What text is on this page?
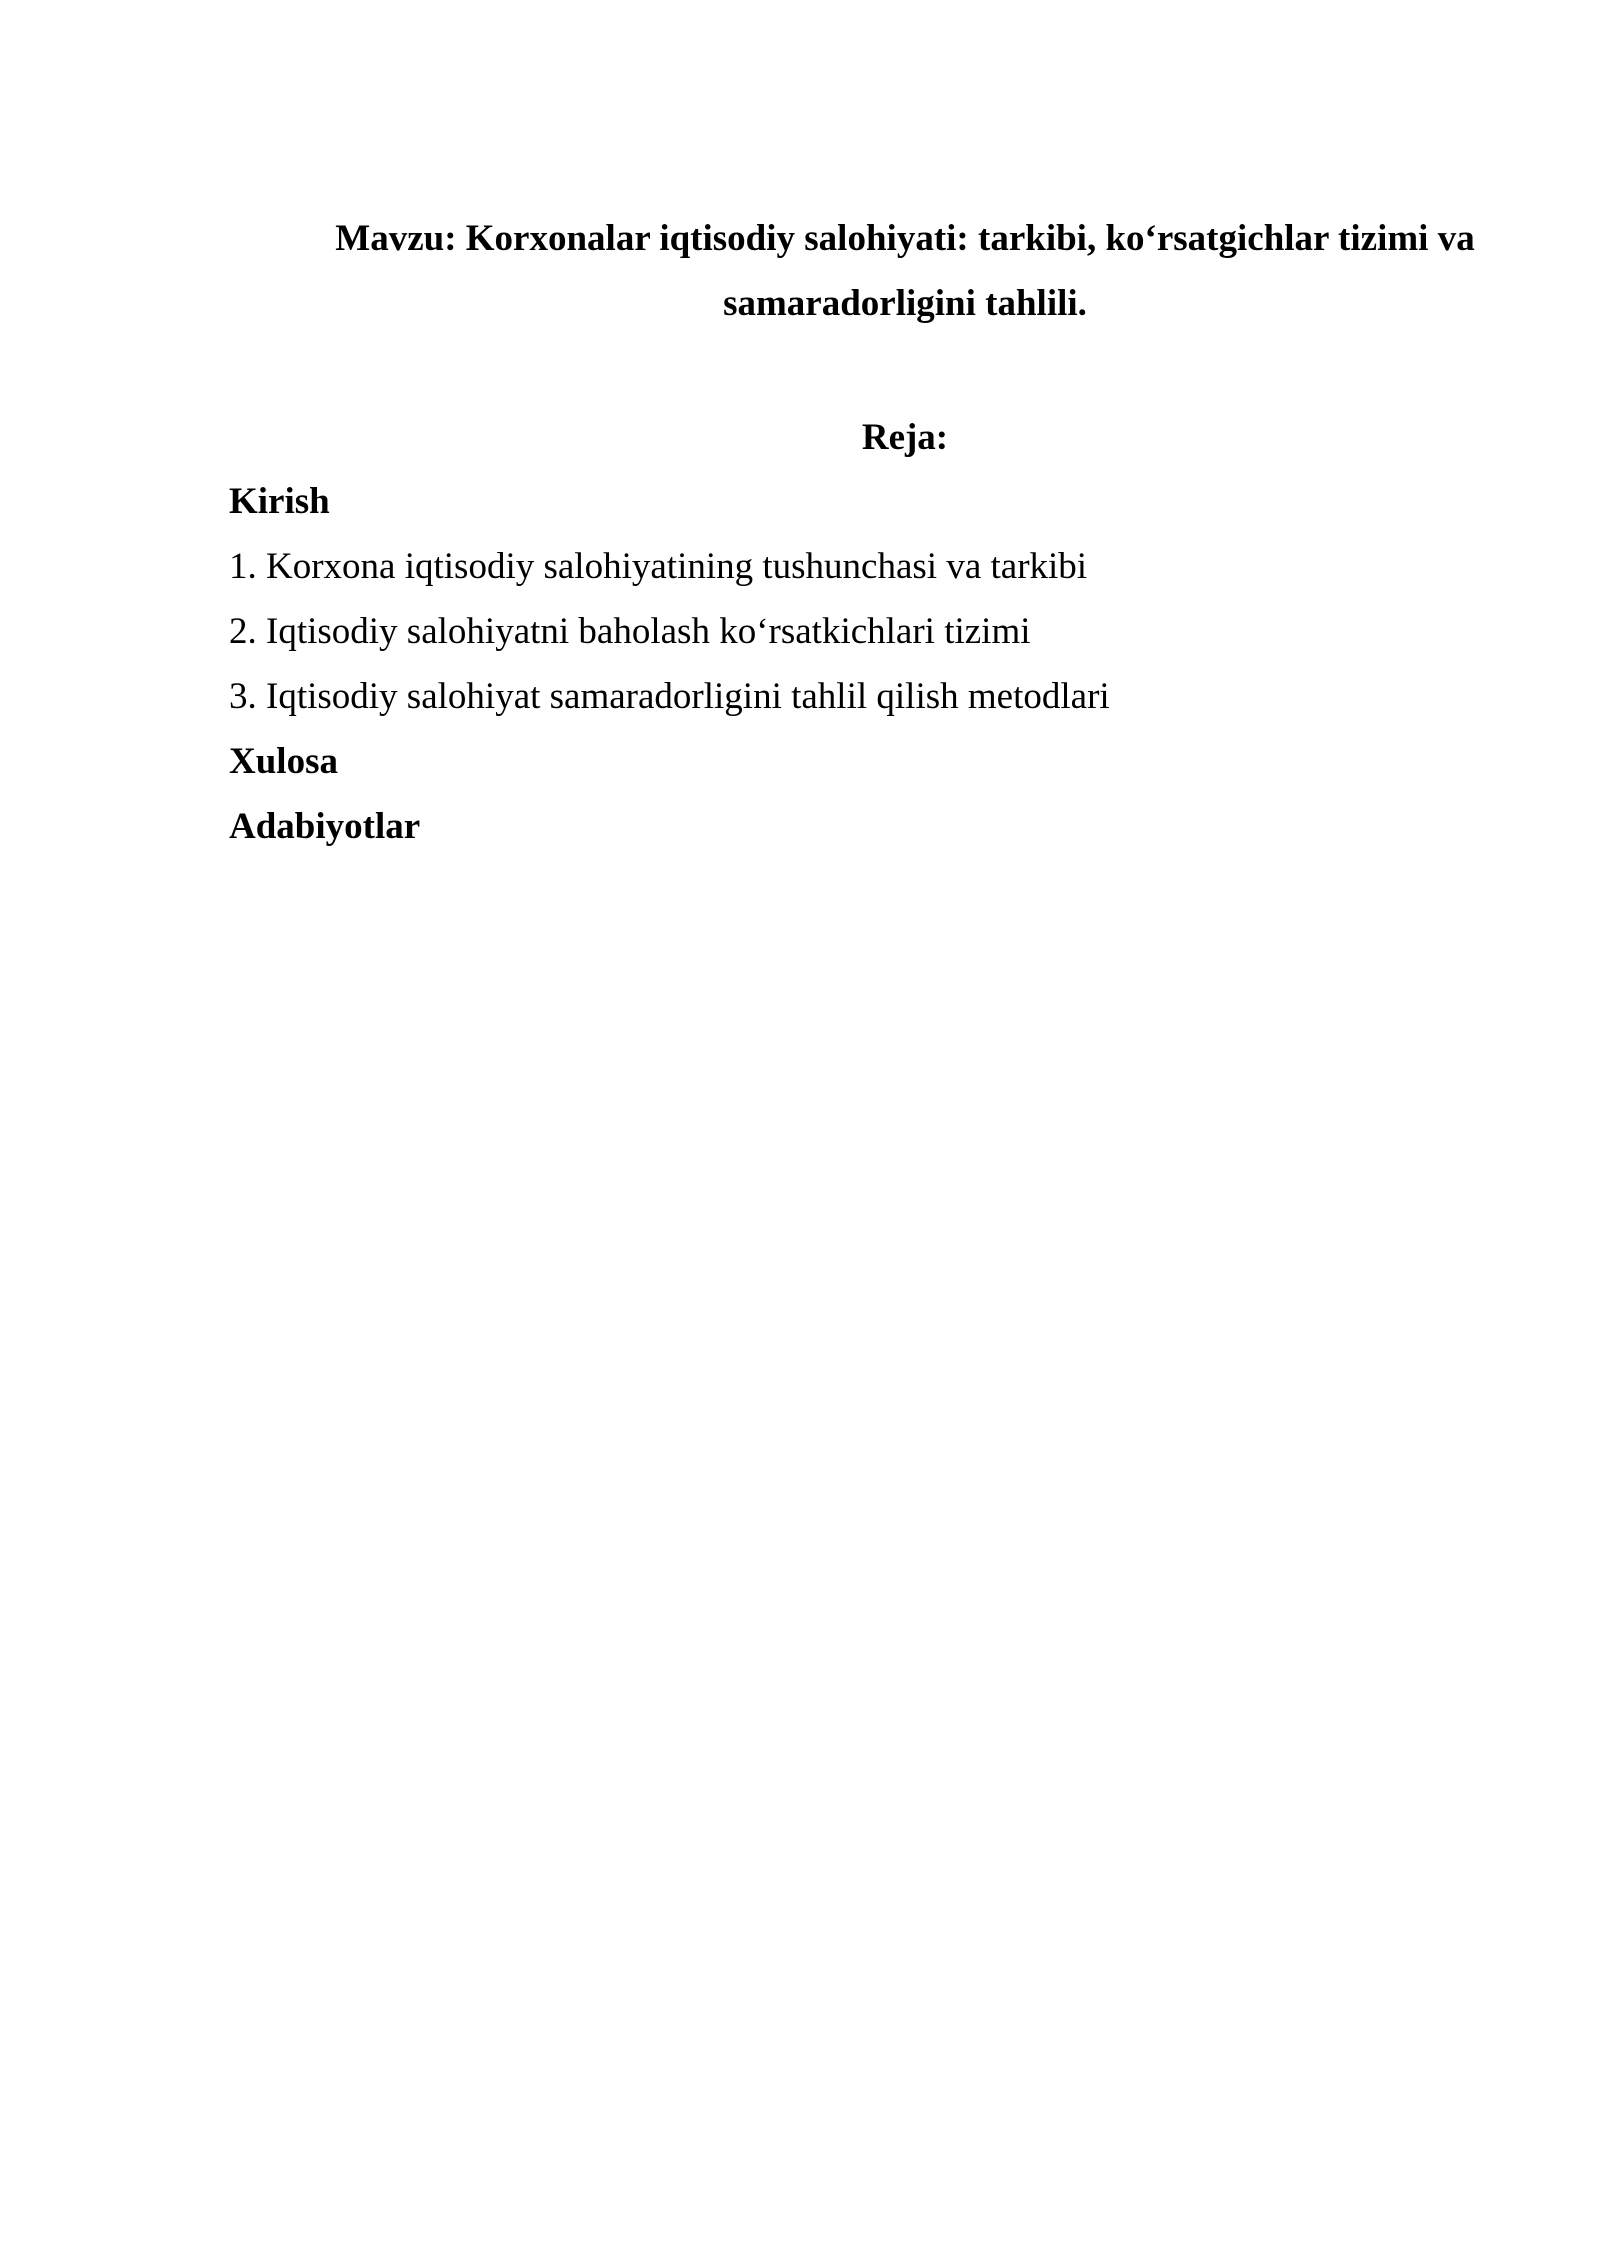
Mavzu: Korxonalar iqtisodiy salohiyati: tarkibi, ko‘rsatgichlar tizimi va samaradorligini tahlili.

Reja:

Kirish
1. Korxona iqtisodiy salohiyatining tushunchasi va tarkibi
2. Iqtisodiy salohiyatni baholash ko‘rsatkichlari tizimi
3. Iqtisodiy salohiyat samaradorligini tahlil qilish metodlari
Xulosa
Adabiyotlar
